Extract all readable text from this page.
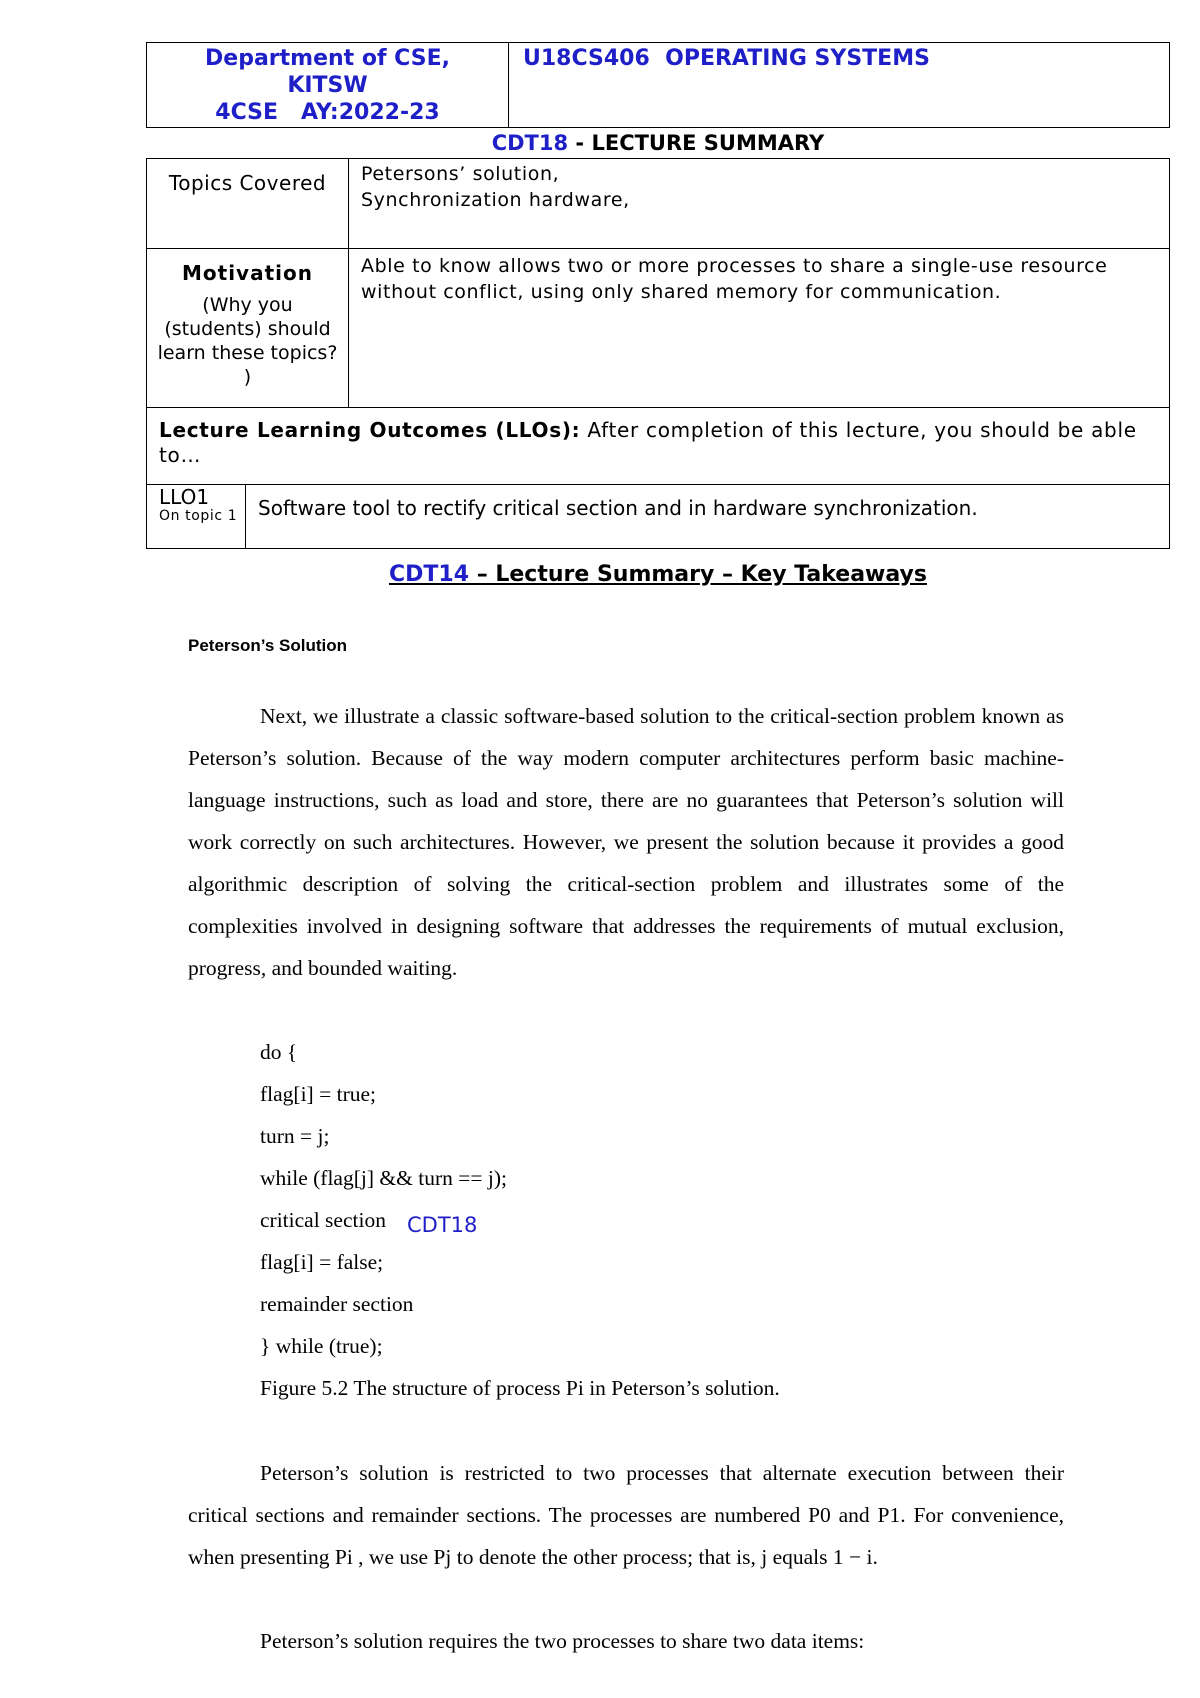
Department of CSE,
KITSW
4CSE   AY:2022-23
U18CS406  OPERATING SYSTEMS
CDT18 - LECTURE SUMMARY
CDT18
Topics Covered	Petersons’ solution,
Synchronization hardware,
Motivation
(Why you (students) should learn these topics? )
Able to know allows two or more processes to share a single-use resource without conflict, using only shared memory for communication.
Lecture Learning Outcomes (LLOs): After completion of this lecture, you should be able to…
LLO1
On topic 1	Software tool to rectify critical section and in hardware synchronization.
CDT14 – Lecture Summary – Key Takeaways
Peterson’s Solution
Next, we illustrate a classic software-based solution to the critical-section problem known as Peterson’s solution. Because of the way modern computer architectures perform basic machine-language instructions, such as load and store, there are no guarantees that Peterson’s solution will work correctly on such architectures. However, we present the solution because it provides a good algorithmic description of solving the critical-section problem and illustrates some of the complexities involved in designing software that addresses the requirements of mutual exclusion, progress, and bounded waiting.
do {
flag[i] = true;
turn = j;
while (flag[j] && turn == j);
critical section
flag[i] = false;
remainder section
} while (true);
Figure 5.2 The structure of process Pi in Peterson’s solution.
Peterson’s solution is restricted to two processes that alternate execution between their critical sections and remainder sections. The processes are numbered P0 and P1. For convenience, when presenting Pi , we use Pj to denote the other process; that is, j equals 1 − i.
Peterson’s solution requires the two processes to share two data items:
